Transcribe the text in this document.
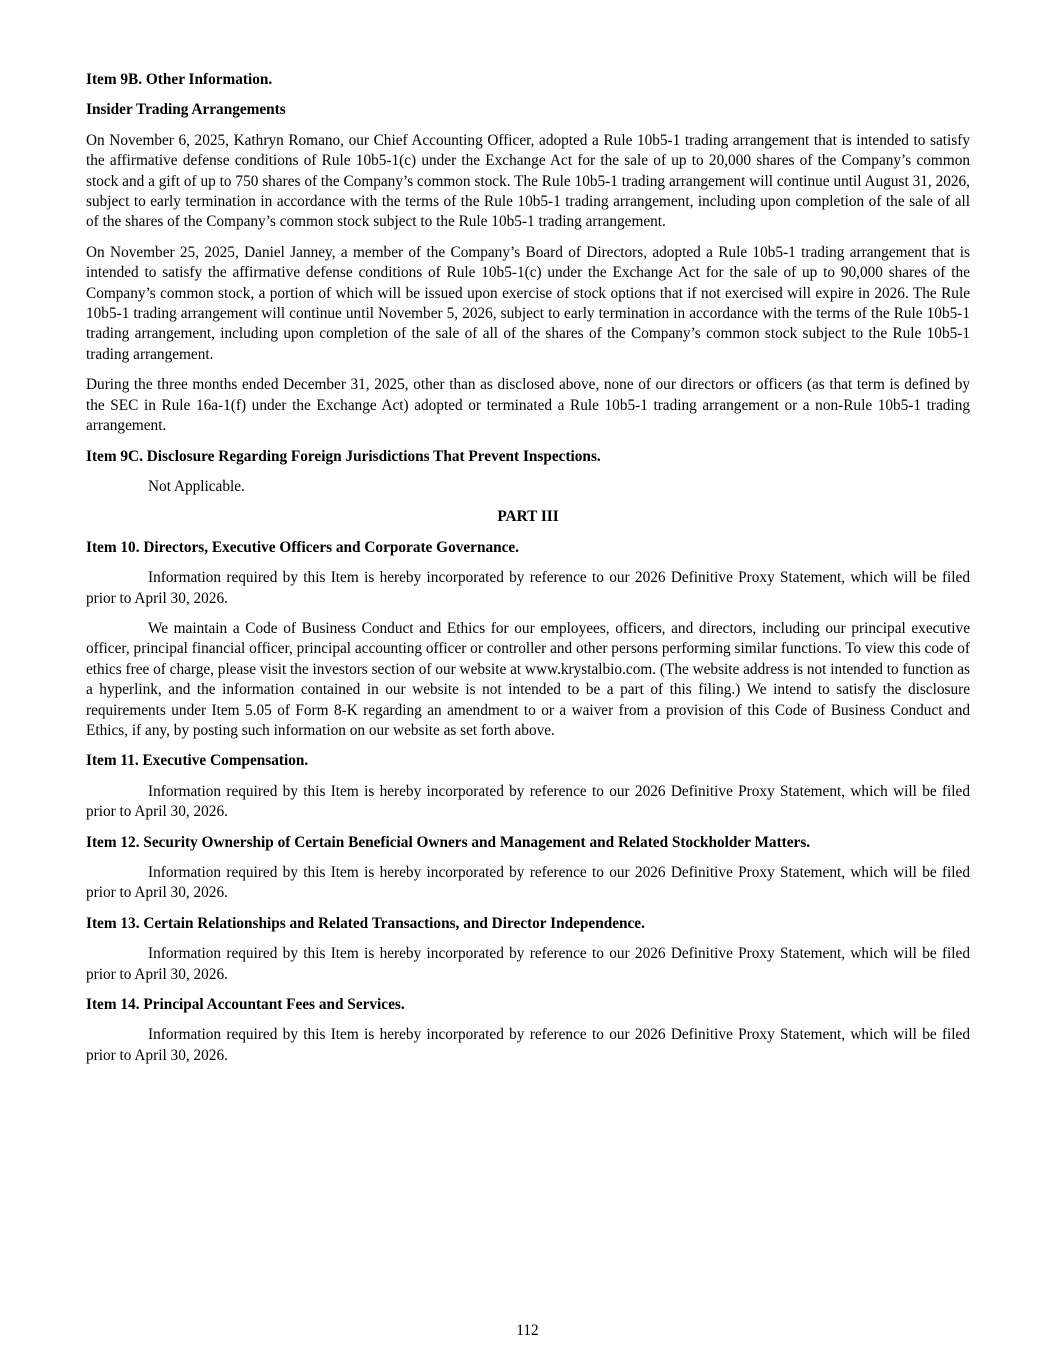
Item 9B. Other Information.
Insider Trading Arrangements

On November 6, 2025, Kathryn Romano, our Chief Accounting Officer, adopted a Rule 10b5-1 trading arrangement that is intended to satisfy the affirmative defense conditions of Rule 10b5-1(c) under the Exchange Act for the sale of up to 20,000 shares of the Company’s common stock and a gift of up to 750 shares of the Company’s common stock. The Rule 10b5-1 trading arrangement will continue until August 31, 2026, subject to early termination in accordance with the terms of the Rule 10b5-1 trading arrangement, including upon completion of the sale of all of the shares of the Company’s common stock subject to the Rule 10b5-1 trading arrangement.

On November 25, 2025, Daniel Janney, a member of the Company’s Board of Directors, adopted a Rule 10b5-1 trading arrangement that is intended to satisfy the affirmative defense conditions of Rule 10b5-1(c) under the Exchange Act for the sale of up to 90,000 shares of the Company’s common stock, a portion of which will be issued upon exercise of stock options that if not exercised will expire in 2026. The Rule 10b5-1 trading arrangement will continue until November 5, 2026, subject to early termination in accordance with the terms of the Rule 10b5-1 trading arrangement, including upon completion of the sale of all of the shares of the Company’s common stock subject to the Rule 10b5-1 trading arrangement.

During the three months ended December 31, 2025, other than as disclosed above, none of our directors or officers (as that term is defined by the SEC in Rule 16a-1(f) under the Exchange Act) adopted or terminated a Rule 10b5-1 trading arrangement or a non-Rule 10b5-1 trading arrangement.

Item 9C. Disclosure Regarding Foreign Jurisdictions That Prevent Inspections.
Not Applicable.
PART III
Item 10. Directors, Executive Officers and Corporate Governance.

Information required by this Item is hereby incorporated by reference to our 2026 Definitive Proxy Statement, which will be filed prior to April 30, 2026.

We maintain a Code of Business Conduct and Ethics for our employees, officers, and directors, including our principal executive officer, principal financial officer, principal accounting officer or controller and other persons performing similar functions. To view this code of ethics free of charge, please visit the investors section of our website at www.krystalbio.com. (The website address is not intended to function as a hyperlink, and the information contained in our website is not intended to be a part of this filing.) We intend to satisfy the disclosure requirements under Item 5.05 of Form 8-K regarding an amendment to or a waiver from a provision of this Code of Business Conduct and Ethics, if any, by posting such information on our website as set forth above.

Item 11. Executive Compensation.

Information required by this Item is hereby incorporated by reference to our 2026 Definitive Proxy Statement, which will be filed prior to April 30, 2026.

Item 12. Security Ownership of Certain Beneficial Owners and Management and Related Stockholder Matters.

Information required by this Item is hereby incorporated by reference to our 2026 Definitive Proxy Statement, which will be filed prior to April 30, 2026.

Item 13. Certain Relationships and Related Transactions, and Director Independence.

Information required by this Item is hereby incorporated by reference to our 2026 Definitive Proxy Statement, which will be filed prior to April 30, 2026.

Item 14. Principal Accountant Fees and Services.

Information required by this Item is hereby incorporated by reference to our 2026 Definitive Proxy Statement, which will be filed prior to April 30, 2026.

112
